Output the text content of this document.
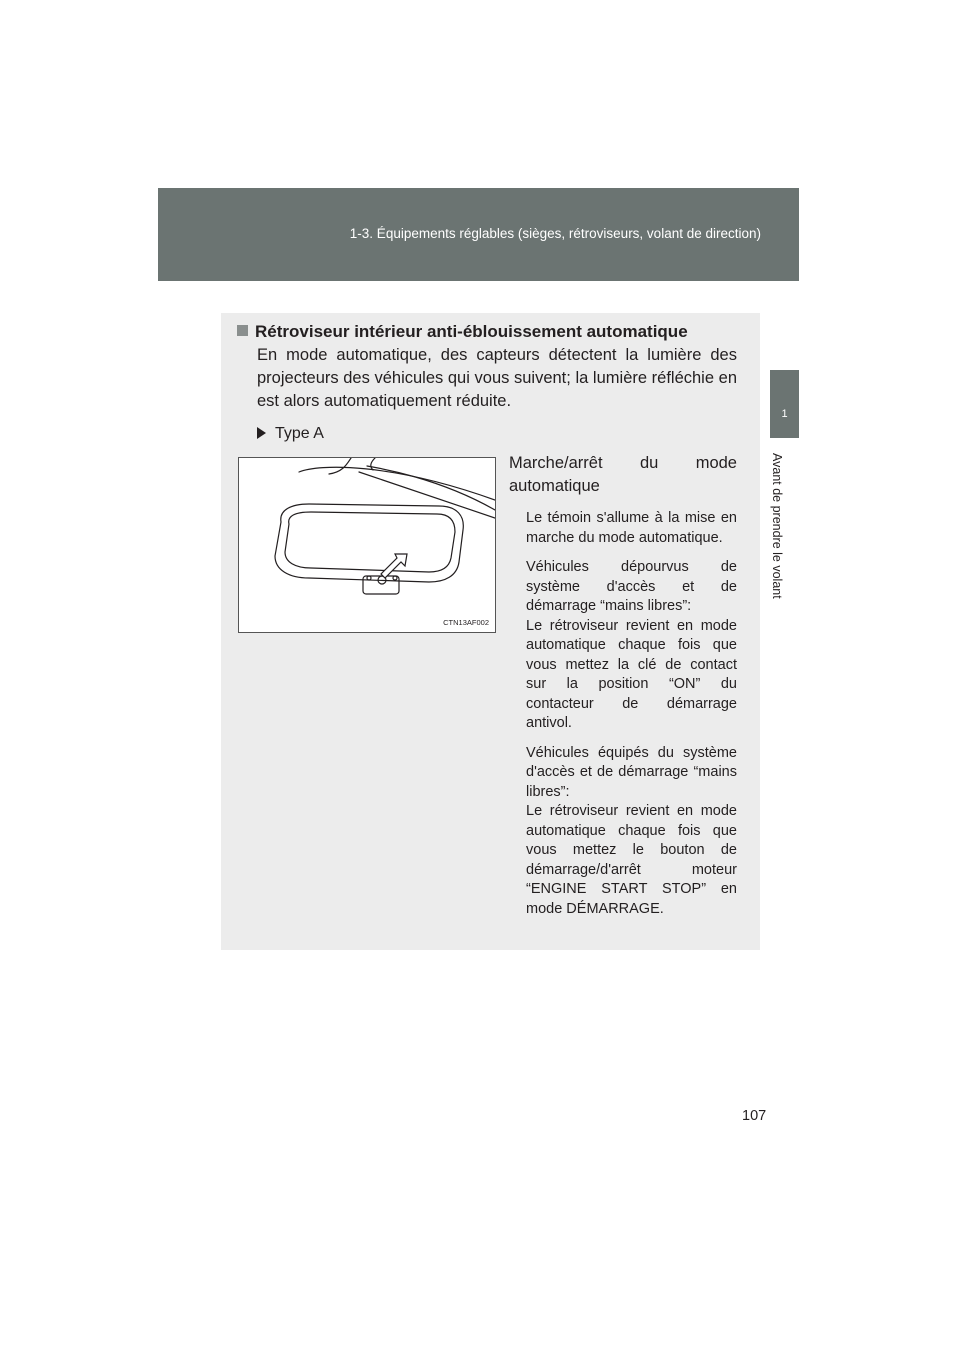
1-3. Équipements réglables (sièges, rétroviseurs, volant de direction)
1
Avant de prendre le volant
Rétroviseur intérieur anti-éblouissement automatique
En mode automatique, des capteurs détectent la lumière des projecteurs des véhicules qui vous suivent; la lumière réfléchie en est alors automatiquement réduite.
Type A
CTN13AF002
Marche/arrêt du mode
automatique
Le témoin s'allume à la mise en marche du mode automatique.
Véhicules dépourvus de système d'accès et de démarrage “mains libres”:
Le rétroviseur revient en mode automatique chaque fois que vous mettez la clé de contact sur la position “ON” du contacteur de démarrage antivol.
Véhicules équipés du système d'accès et de démarrage “mains libres”:
Le rétroviseur revient en mode automatique chaque fois que vous mettez le bouton de démarrage/d'arrêt moteur “ENGINE START STOP” en mode DÉMARRAGE.
107
